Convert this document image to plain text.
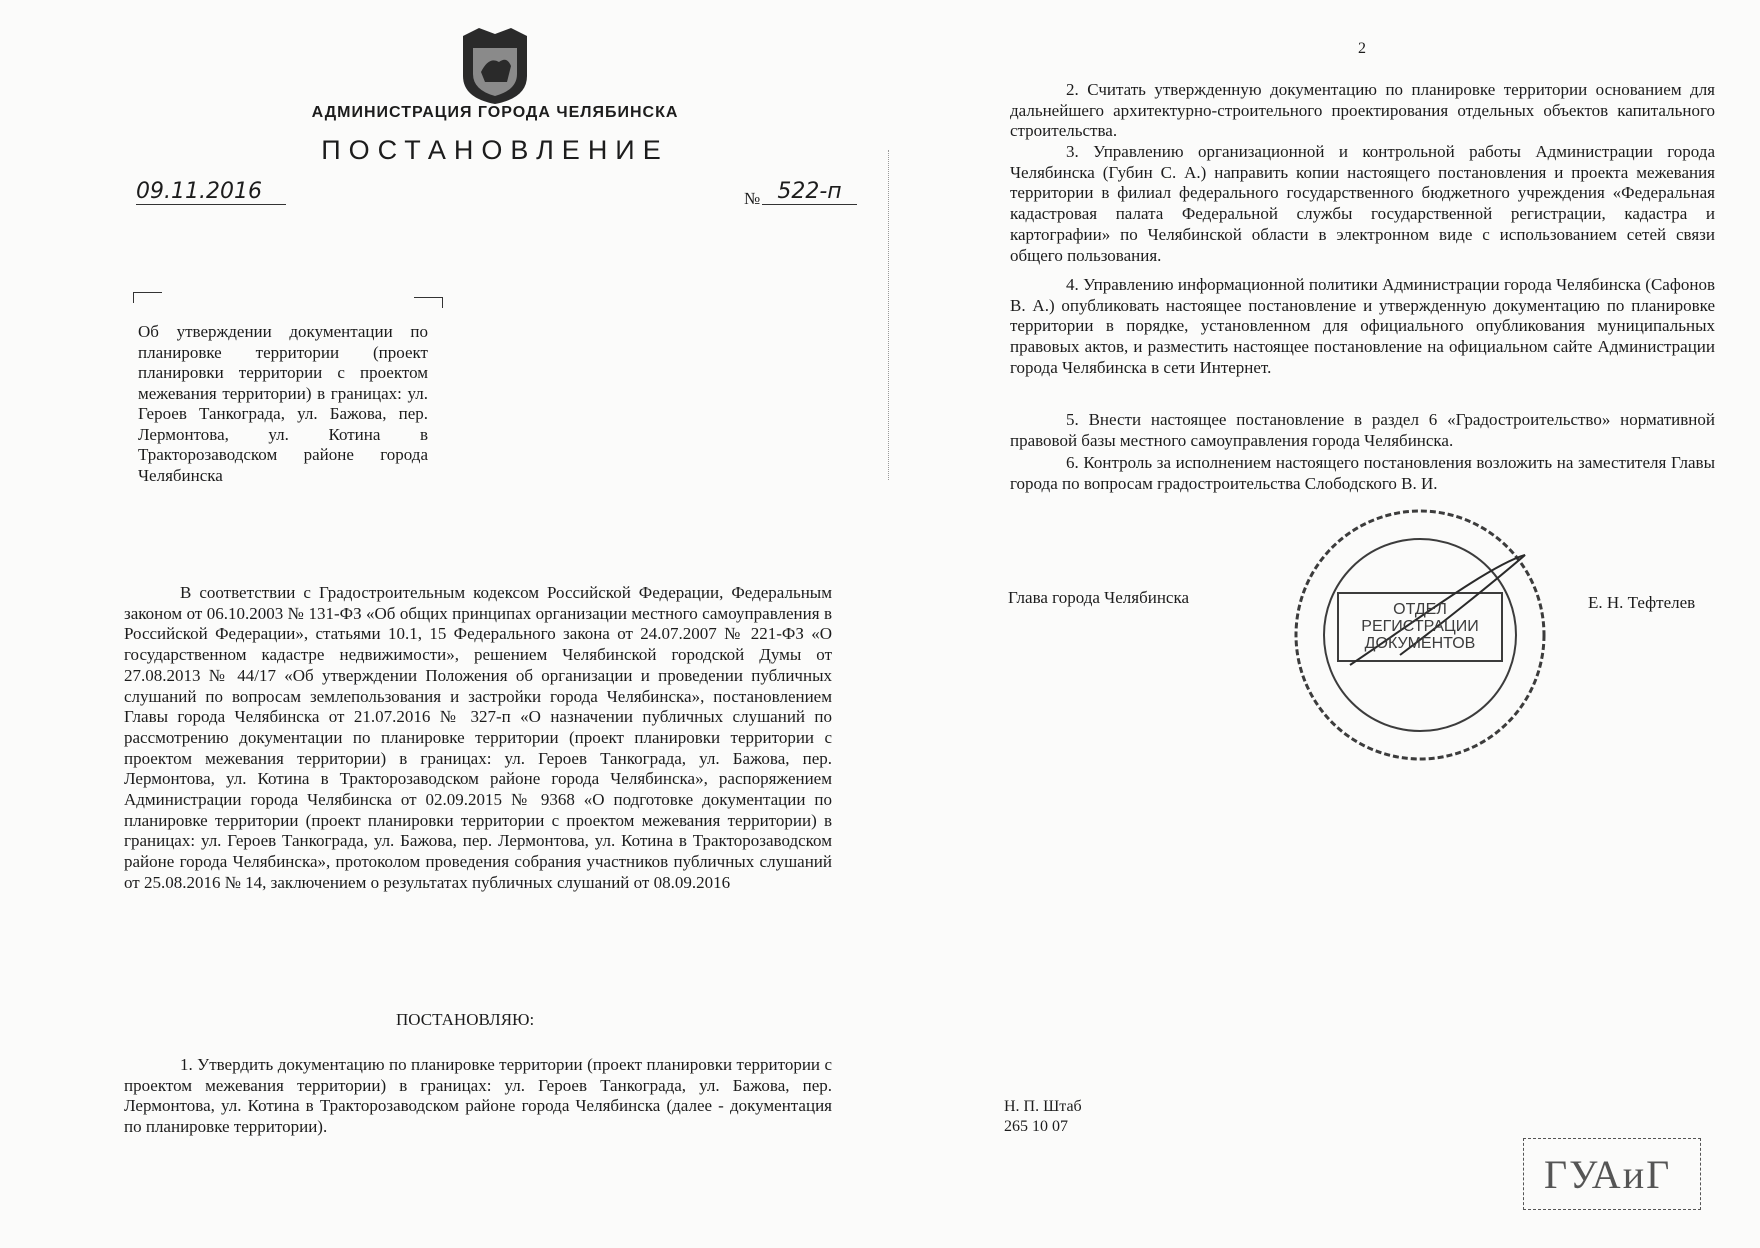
АДМИНИСТРАЦИЯ ГОРОДА ЧЕЛЯБИНСКА
ПОСТАНОВЛЕНИЕ
09.11.2016	№ 522-п
Об утверждении документации по планировке территории (проект планировки территории с проектом межевания территории) в границах: ул. Героев Танкограда, ул. Бажова, пер. Лермонтова, ул. Котина в Тракторозаводском районе города Челябинска
В соответствии с Градостроительным кодексом Российской Федерации, Федеральным законом от 06.10.2003 № 131-ФЗ «Об общих принципах организации местного самоуправления в Российской Федерации», статьями 10.1, 15 Федерального закона от 24.07.2007 № 221-ФЗ «О государственном кадастре недвижимости», решением Челябинской городской Думы от 27.08.2013 № 44/17 «Об утверждении Положения об организации и проведении публичных слушаний по вопросам землепользования и застройки города Челябинска», постановлением Главы города Челябинска от 21.07.2016 № 327-п «О назначении публичных слушаний по рассмотрению документации по планировке территории (проект планировки территории с проектом межевания территории) в границах: ул. Героев Танкограда, ул. Бажова, пер. Лермонтова, ул. Котина в Тракторозаводском районе города Челябинска», распоряжением Администрации города Челябинска от 02.09.2015 № 9368 «О подготовке документации по планировке территории (проект планировки территории с проектом межевания территории) в границах: ул. Героев Танкограда, ул. Бажова, пер. Лермонтова, ул. Котина в Тракторозаводском районе города Челябинска», протоколом проведения собрания участников публичных слушаний от 25.08.2016 № 14, заключением о результатах публичных слушаний от 08.09.2016
ПОСТАНОВЛЯЮ:
1. Утвердить документацию по планировке территории (проект планировки территории с проектом межевания территории) в границах: ул. Героев Танкограда, ул. Бажова, пер. Лермонтова, ул. Котина в Тракторозаводском районе города Челябинска (далее - документация по планировке территории).
2
2. Считать утвержденную документацию по планировке территории основанием для дальнейшего архитектурно-строительного проектирования отдельных объектов капитального строительства.
3. Управлению организационной и контрольной работы Администрации города Челябинска (Губин С. А.) направить копии настоящего постановления и проекта межевания территории в филиал федерального государственного бюджетного учреждения «Федеральная кадастровая палата Федеральной службы государственной регистрации, кадастра и картографии» по Челябинской области в электронном виде с использованием сетей связи общего пользования.
4. Управлению информационной политики Администрации города Челябинска (Сафонов В. А.) опубликовать настоящее постановление и утвержденную документацию по планировке территории в порядке, установленном для официального опубликования муниципальных правовых актов, и разместить настоящее постановление на официальном сайте Администрации города Челябинска в сети Интернет.
5. Внести настоящее постановление в раздел 6 «Градостроительство» нормативной правовой базы местного самоуправления города Челябинска.
6. Контроль за исполнением настоящего постановления возложить на заместителя Главы города по вопросам градостроительства Слободского В. И.
Глава города Челябинска	Е. Н. Тефтелев
ОТДЕЛ РЕГИСТРАЦИИ ДОКУМЕНТОВ
Н. П. Штаб
265 10 07
ГУАиГ
